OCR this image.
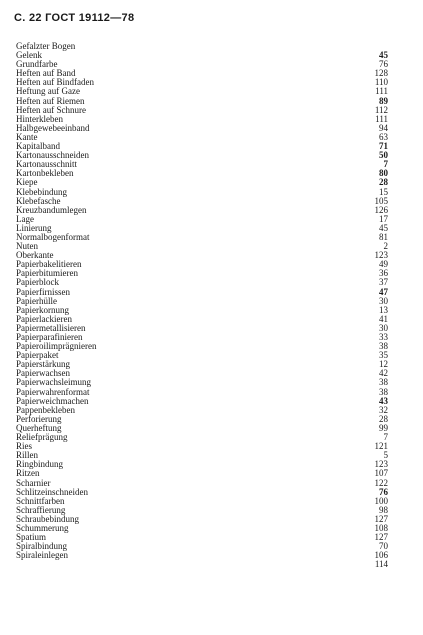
С. 22 ГОСТ 19112—78
Gefalzter Bogen
Gelenk	45
Grundfarbe	76
Heften auf Band	128
Heften auf Bindfaden	110
Heftung auf Gaze	111
Heften auf Riemen	89
Heften auf Schnure	112
Hinterkleben	111
Halbgewebeeinband	94
Kante	63
Kapitalband	71
Kartonausschneiden	50
Kartonausschnitt	7
Kartonbekleben	80
Kiepe	28
Klebebindung	15
Klebefasche	105
Kreuzbandumlegen	126
Lage	17
Linierung	45
Normalbogenformat	81
Nuten	2
Oberkante	123
Papierbakelitieren	49
Papierbitumieren	36
Papierblock	37
Papierfirnissen	47
Papierhülle	30
Papierkornung	13
Papierlackieren	41
Papiermetallisieren	30
Papierparafinieren	33
Papieroilimprägnieren	38
Papierpaket	35
Papierstärkung	12
Papierwachsen	42
Papierwachsleimung	38
Papierwahrenformat	38
Papierweichmachen	43
Pappenbekleben	32
Perforierung	28
Querheftung	99
Reliefprägung	7
Ries	121
Rillen	5
Ringbindung	123
Ritzen	107
Scharnier	122
Schlitzeinschneiden	76
Schnittfarben	100
Schraffierung	98
Schraubebindung	127
Schummerung	108
Spatium	127
Spiralbindung	70
Spiraleinlegen	106
114
